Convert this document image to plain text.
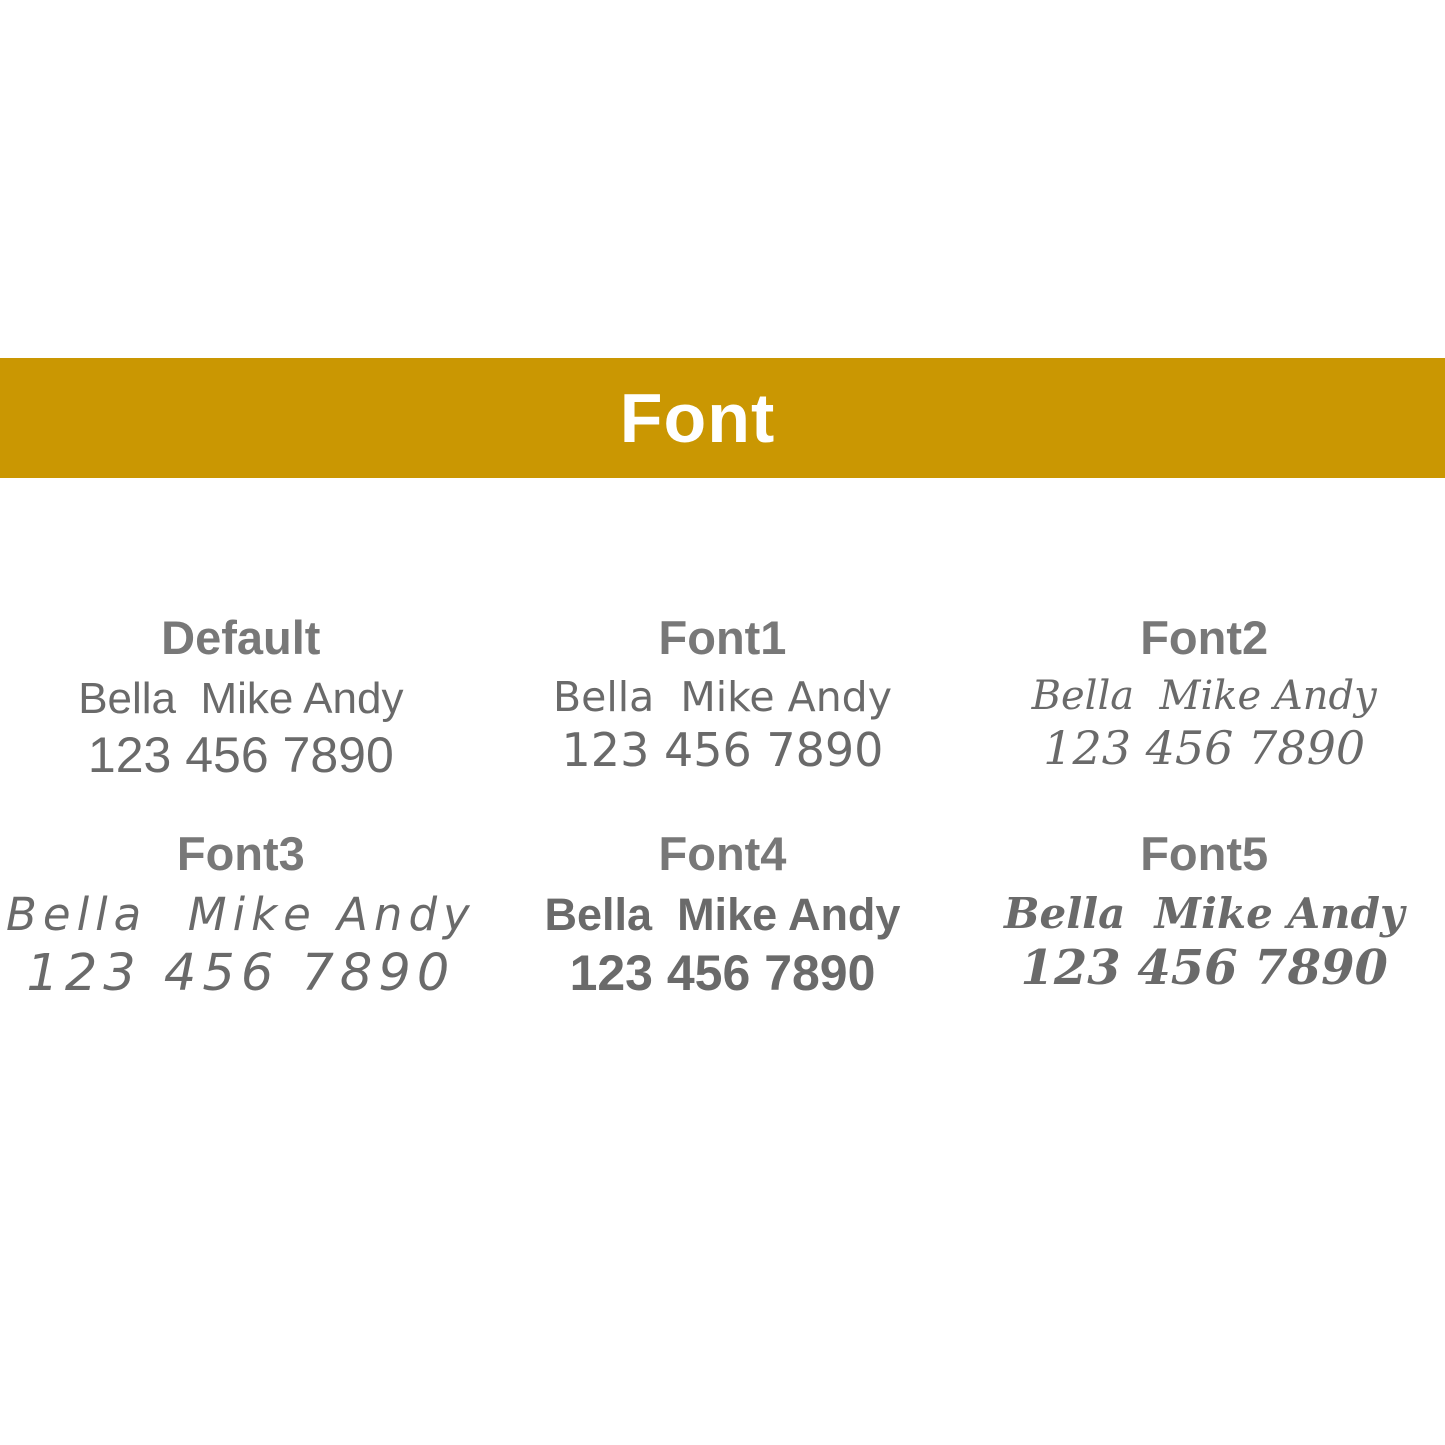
Font
Default
Bella  Mike Andy
123 456 7890
Font1
Bella  Mike Andy
123 456 7890
Font2
Bella  Mike Andy
123 456 7890
Font3
Bella  Mike Andy
123 456 7890
Font4
Bella  Mike Andy
123 456 7890
Font5
Bella  Mike Andy
123 456 7890
